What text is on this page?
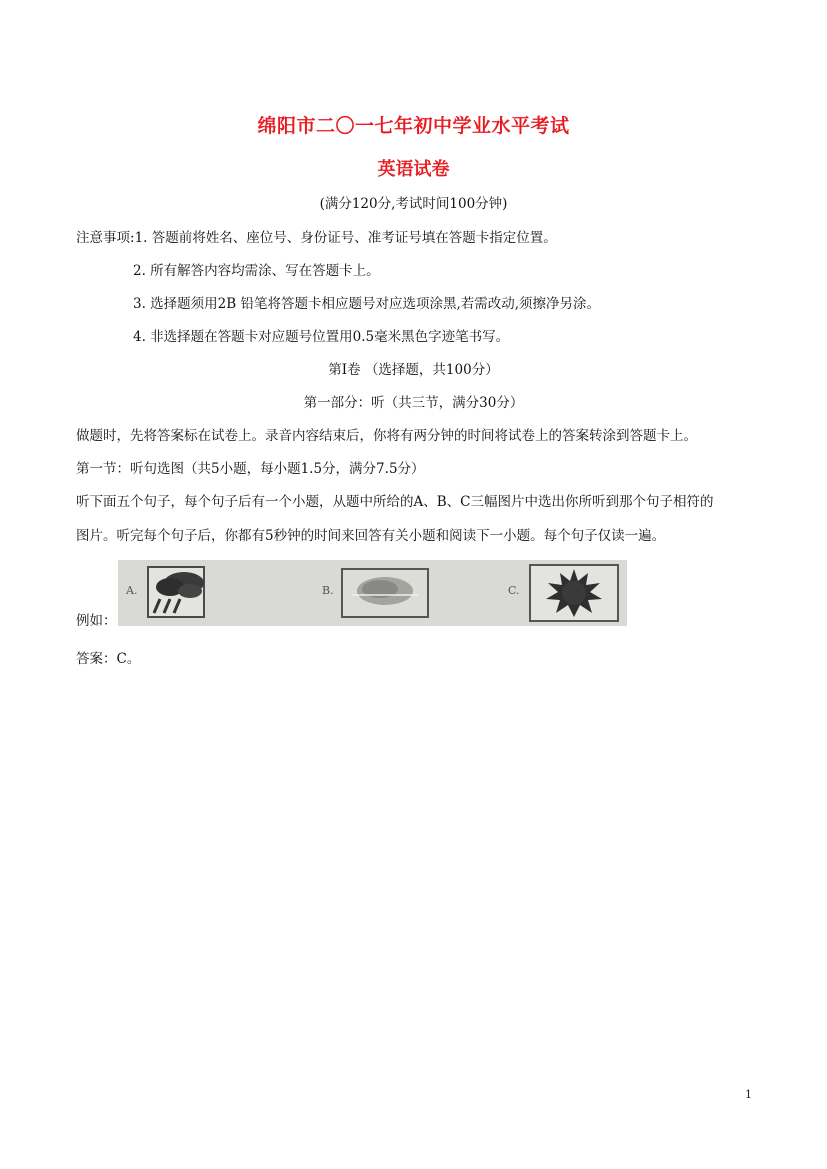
绵阳市二〇一七年初中学业水平考试
英语试卷
(满分120分,考试时间100分钟)
注意事项:1. 答题前将姓名、座位号、身份证号、准考证号填在答题卡指定位置。
2. 所有解答内容均需涂、写在答题卡上。
3. 选择题须用2B 铅笔将答题卡相应题号对应选项涂黑,若需改动,须擦净另涂。
4. 非选择题在答题卡对应题号位置用0.5毫米黑色字迹笔书写。
第Ⅰ卷 （选择题，共100分）
第一部分：听（共三节，满分30分）
做题时，先将答案标在试卷上。录音内容结束后，你将有两分钟的时间将试卷上的答案转涂到答题卡上。
第一节：听句选图（共5小题，每小题1.5分，满分7.5分）
听下面五个句子，每个句子后有一个小题，从题中所给的A、B、C三幅图片中选出你所听到那个句子相符的
图片。听完每个句子后，你都有5秒钟的时间来回答有关小题和阅读下一小题。每个句子仅读一遍。
例如：
A.	B.	C.
答案：C。
1
